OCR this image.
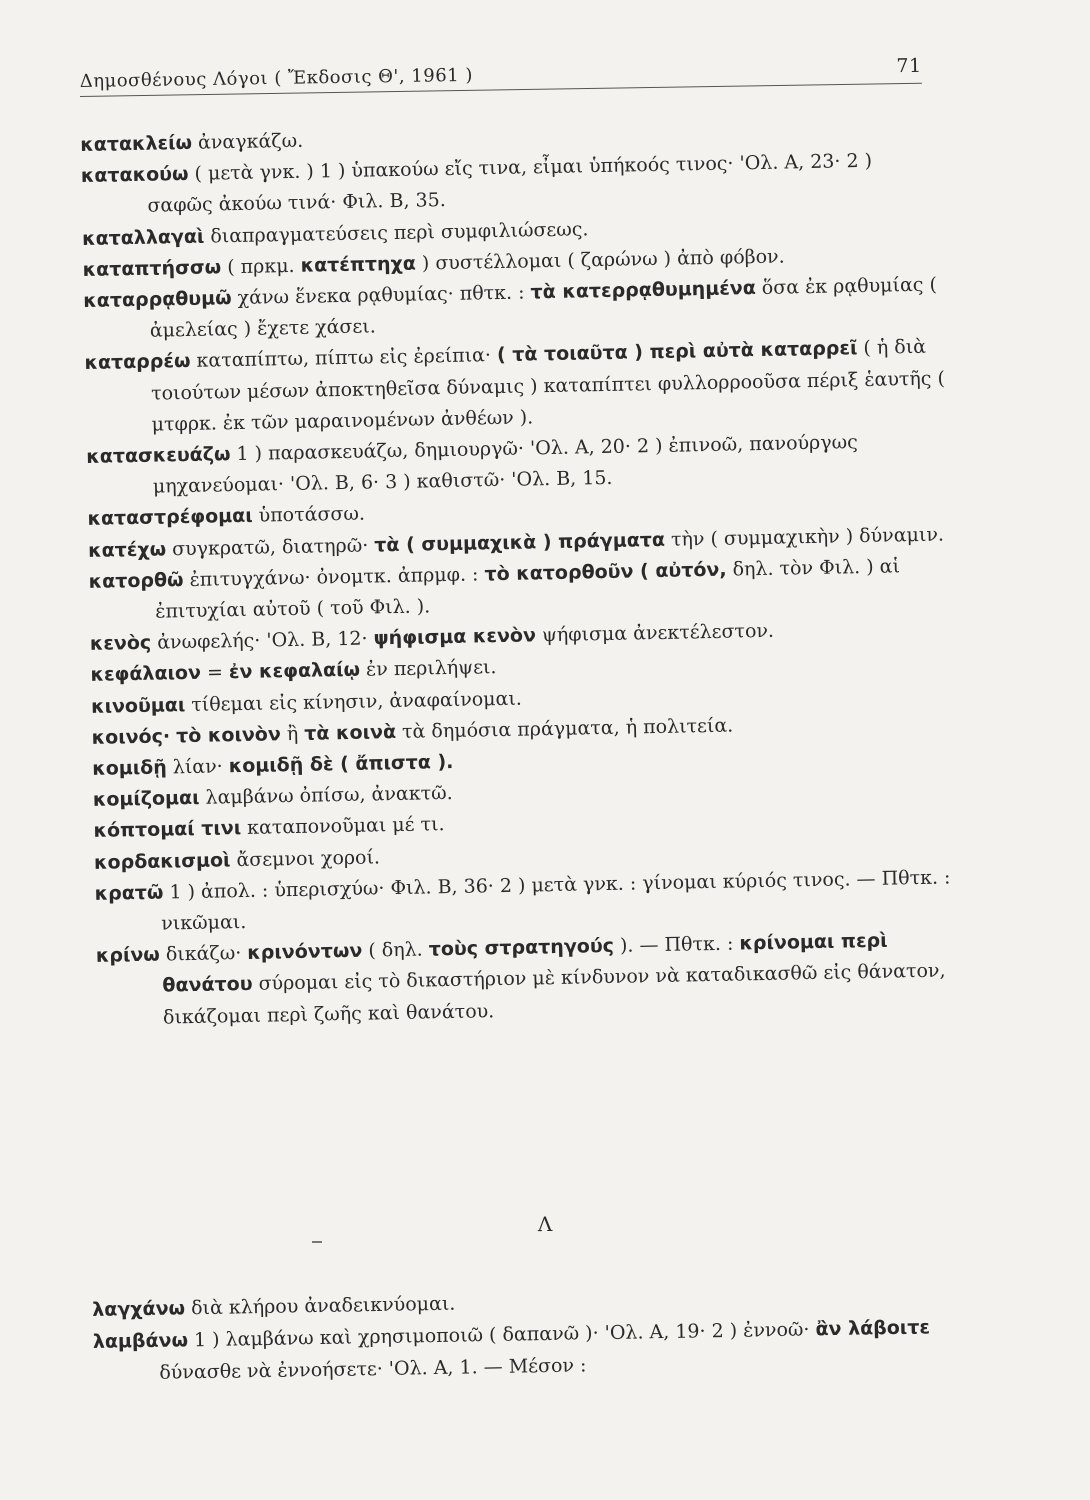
Δημοσθένους Λόγοι ( Ἔκδοσις Θ', 1961 )	71

κατακλείω ἀναγκάζω.

κατακούω ( μετὰ γνκ. ) 1 ) ὑπακούω εἴς τινα, εἶμαι ὑπήκοός τινος· 'Ολ. Α, 23· 2 ) σαφῶς ἀκούω τινά· Φιλ. Β, 35.

καταλλαγαὶ διαπραγματεύσεις περὶ συμφιλιώσεως.

καταπτήσσω ( πρκμ. κατέπτηχα ) συστέλλομαι ( ζαρώνω ) ἀπὸ φόβον.

καταρρᾳθυμῶ χάνω ἕνεκα ρᾳθυμίας· πθτκ. : τὰ κατερρᾳθυμημένα ὅσα ἐκ ρᾳθυμίας ( ἀμελείας ) ἔχετε χάσει.

καταρρέω καταπίπτω, πίπτω εἰς ἐρείπια· ( τὰ τοιαῦτα ) περὶ αὐτὰ καταρρεῖ ( ἡ διὰ τοιούτων μέσων ἀποκτηθεῖσα δύναμις ) καταπίπτει φυλλορροοῦσα πέριξ ἑαυτῆς ( μτφρκ. ἐκ τῶν μαραινομένων ἀνθέων ).

κατασκευάζω 1 ) παρασκευάζω, δημιουργῶ· 'Ολ. Α, 20· 2 ) ἐπινοῶ, πανούργως μηχανεύομαι· 'Ολ. Β, 6· 3 ) καθιστῶ· 'Ολ. Β, 15.

καταστρέφομαι ὑποτάσσω.

κατέχω συγκρατῶ, διατηρῶ· τὰ ( συμμαχικὰ ) πράγματα τὴν ( συμμαχικὴν ) δύναμιν.

κατορθῶ ἐπιτυγχάνω· ὀνομτκ. ἀπρμφ. : τὸ κατορθοῦν ( αὐτόν, δηλ. τὸν Φιλ. ) αἱ ἐπιτυχίαι αὐτοῦ ( τοῦ Φιλ. ).

κενὸς ἀνωφελής· 'Ολ. Β, 12· ψήφισμα κενὸν ψήφισμα ἀνεκτέλεστον.

κεφάλαιον = ἐν κεφαλαίῳ ἐν περιλήψει.

κινοῦμαι τίθεμαι εἰς κίνησιν, ἀναφαίνομαι.

κοινός· τὸ κοινὸν ἢ τὰ κοινὰ τὰ δημόσια πράγματα, ἡ πολιτεία.

κομιδῇ λίαν· κομιδῇ δὲ ( ἄπιστα ).

κομίζομαι λαμβάνω ὀπίσω, ἀνακτῶ.

κόπτομαί τινι καταπονοῦμαι μέ τι.

κορδακισμοὶ ἄσεμνοι χοροί.

κρατῶ 1 ) ἀπολ. : ὑπερισχύω· Φιλ. Β, 36· 2 ) μετὰ γνκ. : γίνομαι κύριός τινος. — Πθτκ. : νικῶμαι.

κρίνω δικάζω· κρινόντων ( δηλ. τοὺς στρατηγούς ). — Πθτκ. : κρίνομαι περὶ θανάτου σύρομαι εἰς τὸ δικαστήριον μὲ κίνδυνον νὰ καταδικασθῶ εἰς θάνατον, δικάζομαι περὶ ζωῆς καὶ θανάτου.

Λ

λαγχάνω διὰ κλήρου ἀναδεικνύομαι.

λαμβάνω 1 ) λαμβάνω καὶ χρησιμοποιῶ ( δαπανῶ )· 'Ολ. Α, 19· 2 ) ἐννοῶ· ἂν λάβοιτε δύνασθε νὰ ἐννοήσετε· 'Ολ. Α, 1. — Μέσον :
